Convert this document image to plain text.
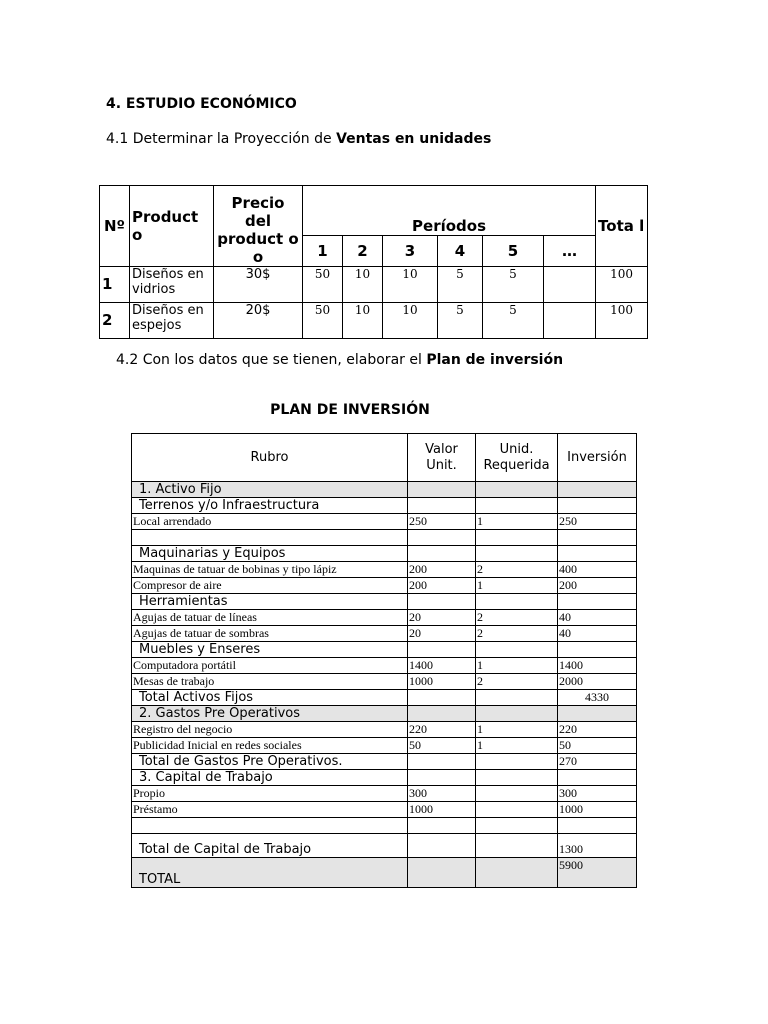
4. ESTUDIO ECONÓMICO
4.1 Determinar la Proyección de Ventas en unidades
Nº	Product o	Precio del product o o	Períodos						Tota l
			1	2	3	4	5	…	
1	Diseños en vidrios	30$	50	10	10	5	5		100
2	Diseños en espejos	20$	50	10	10	5	5		100
4.2 Con los datos que se tienen, elaborar el Plan de inversión
PLAN DE INVERSIÓN
Rubro	Valor Unit.	Unid. Requerida	Inversión
1. Activo Fijo			
Terrenos y/o Infraestructura			
Local arrendado	250	1	250

Maquinarias y Equipos			
Maquinas de tatuar de bobinas y tipo lápiz	200	2	400
Compresor de aire	200	1	200
Herramientas			
Agujas de tatuar de líneas	20	2	40
Agujas de tatuar de sombras	20	2	40
Muebles y Enseres			
Computadora portátil	1400	1	1400
Mesas de trabajo	1000	2	2000
Total Activos Fijos			4330
2. Gastos Pre Operativos			
Registro del negocio	220	1	220
Publicidad Inicial en redes sociales	50	1	50
Total de Gastos Pre Operativos.			270
3. Capital de Trabajo			
Propio	300		300
Préstamo	1000		1000

Total de Capital de Trabajo			1300
TOTAL			5900
